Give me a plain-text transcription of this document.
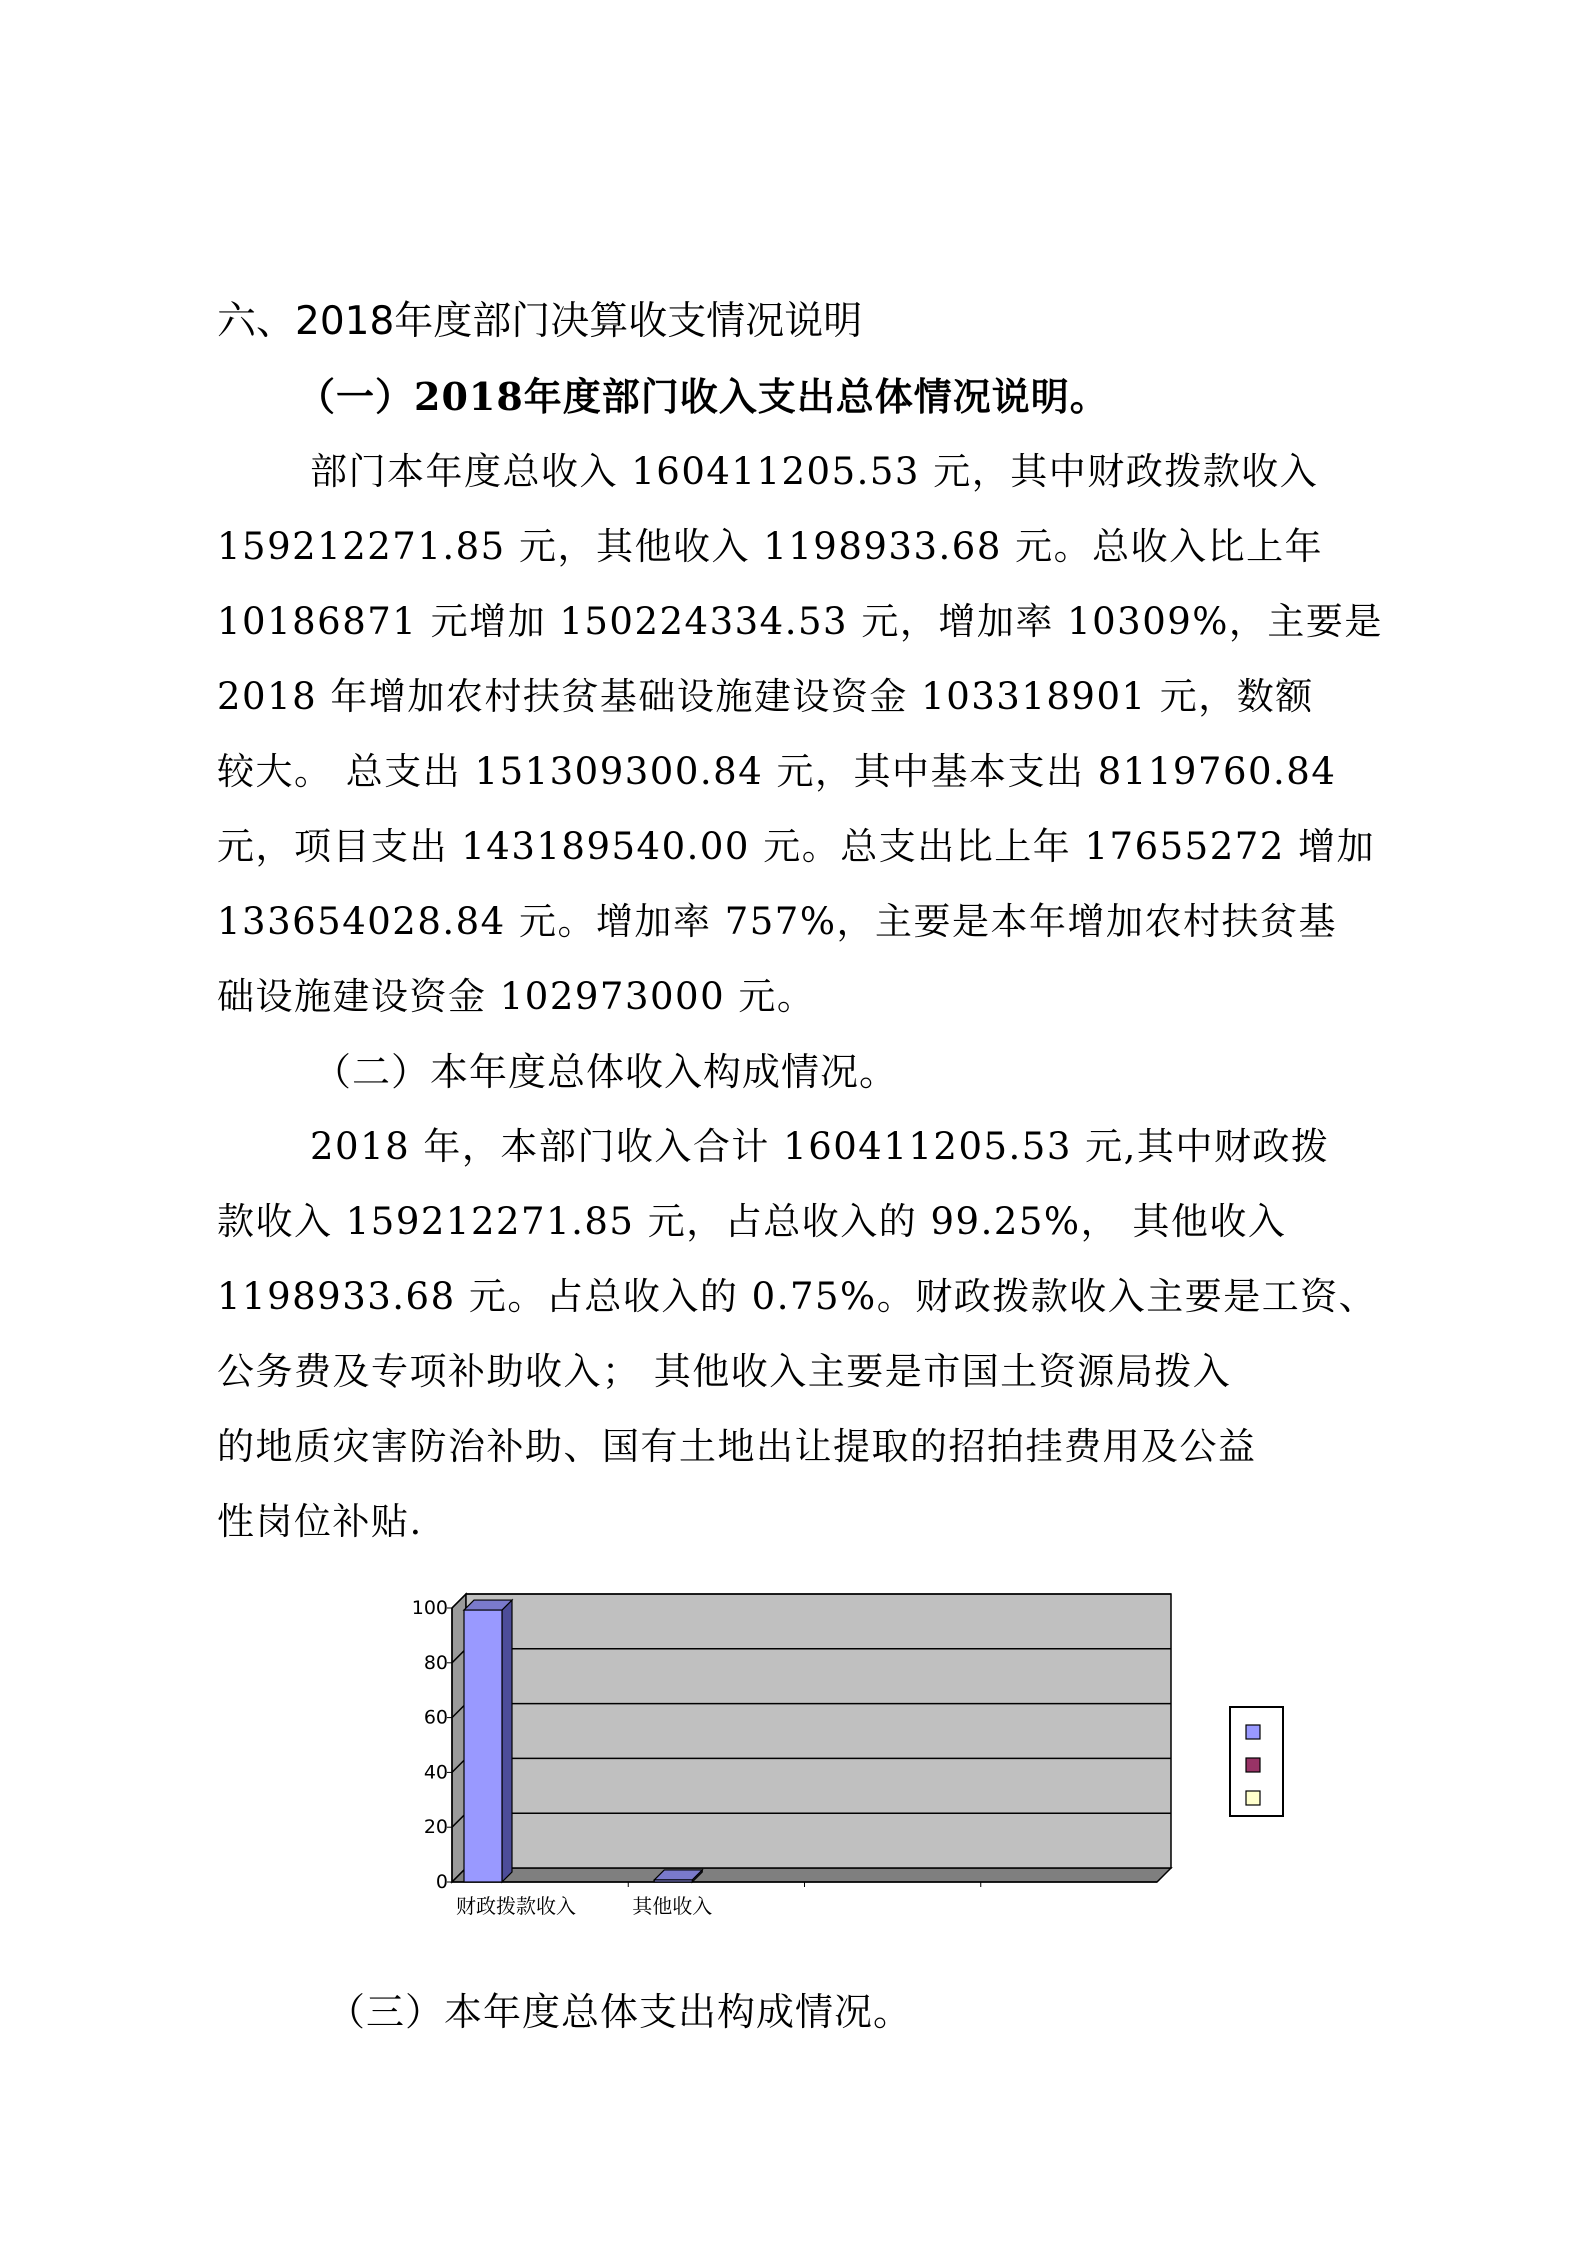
六、2018年度部门决算收支情况说明
（一）2018年度部门收入支出总体情况说明。
部门本年度总收入 160411205.53 元，其中财政拨款收入
159212271.85 元，其他收入 1198933.68 元。总收入比上年
10186871 元增加 150224334.53 元，增加率 10309%，主要是
2018 年增加农村扶贫基础设施建设资金 103318901 元，数额
较大。 总支出 151309300.84 元，其中基本支出 8119760.84
元，项目支出 143189540.00 元。总支出比上年 17655272 增加
133654028.84 元。增加率 757%，主要是本年增加农村扶贫基
础设施建设资金 102973000 元。
（二）本年度总体收入构成情况。
2018 年，本部门收入合计 160411205.53 元,其中财政拨
款收入 159212271.85 元，占总收入的 99.25%， 其他收入
1198933.68 元。占总收入的 0.75%。财政拨款收入主要是工资、
公务费及专项补助收入； 其他收入主要是市国土资源局拨入
的地质灾害防治补助、国有土地出让提取的招拍挂费用及公益
性岗位补贴.
0
20
40
60
80
100
财政拨款收入	其他收入
（三）本年度总体支出构成情况。
